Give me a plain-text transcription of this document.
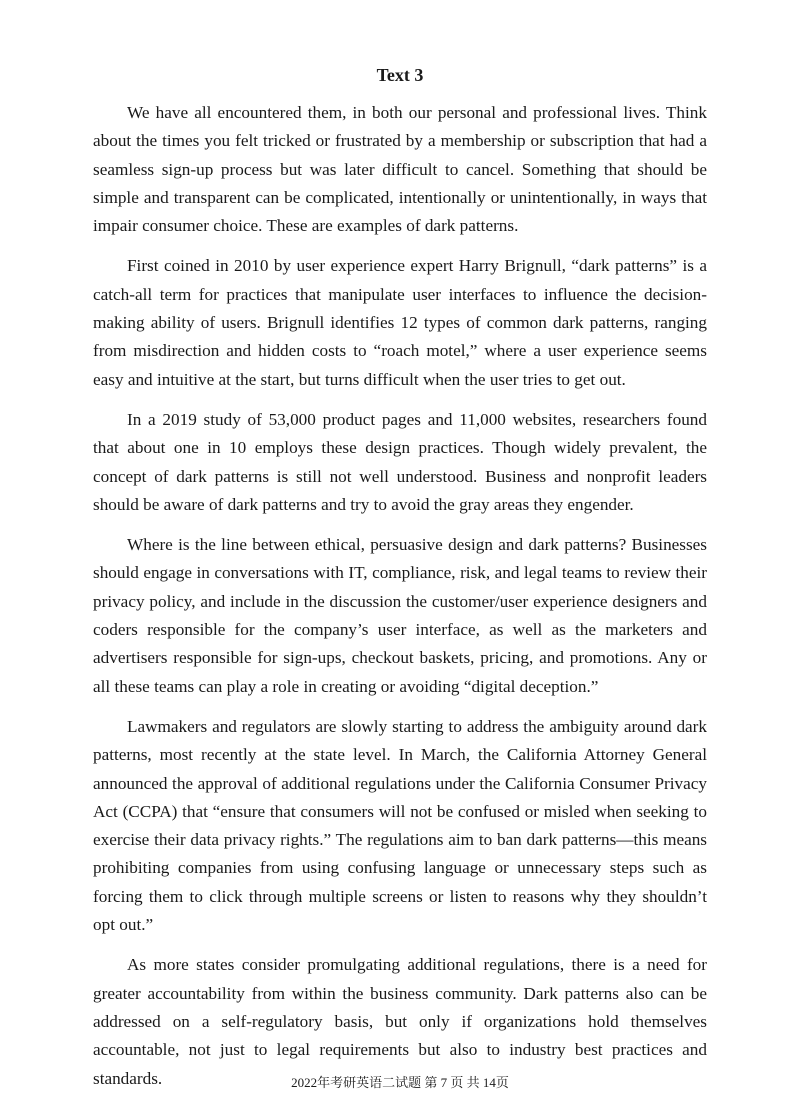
Text 3

We have all encountered them, in both our personal and professional lives. Think about the times you felt tricked or frustrated by a membership or subscription that had a seamless sign-up process but was later difficult to cancel. Something that should be simple and transparent can be complicated, intentionally or unintentionally, in ways that impair consumer choice. These are examples of dark patterns.

First coined in 2010 by user experience expert Harry Brignull, “dark patterns” is a catch-all term for practices that manipulate user interfaces to influence the decision-making ability of users. Brignull identifies 12 types of common dark patterns, ranging from misdirection and hidden costs to “roach motel,” where a user experience seems easy and intuitive at the start, but turns difficult when the user tries to get out.

In a 2019 study of 53,000 product pages and 11,000 websites, researchers found that about one in 10 employs these design practices. Though widely prevalent, the concept of dark patterns is still not well understood. Business and nonprofit leaders should be aware of dark patterns and try to avoid the gray areas they engender.

Where is the line between ethical, persuasive design and dark patterns? Businesses should engage in conversations with IT, compliance, risk, and legal teams to review their privacy policy, and include in the discussion the customer/user experience designers and coders responsible for the company’s user interface, as well as the marketers and advertisers responsible for sign-ups, checkout baskets, pricing, and promotions. Any or all these teams can play a role in creating or avoiding “digital deception.”

Lawmakers and regulators are slowly starting to address the ambiguity around dark patterns, most recently at the state level. In March, the California Attorney General announced the approval of additional regulations under the California Consumer Privacy Act (CCPA) that “ensure that consumers will not be confused or misled when seeking to exercise their data privacy rights.” The regulations aim to ban dark patterns—this means prohibiting companies from using confusing language or unnecessary steps such as forcing them to click through multiple screens or listen to reasons why they shouldn’t opt out.”

As more states consider promulgating additional regulations, there is a need for greater accountability from within the business community. Dark patterns also can be addressed on a self-regulatory basis, but only if organizations hold themselves accountable, not just to legal requirements but also to industry best practices and standards.	2022年考研英语二试题 第 7 页 共 14页
